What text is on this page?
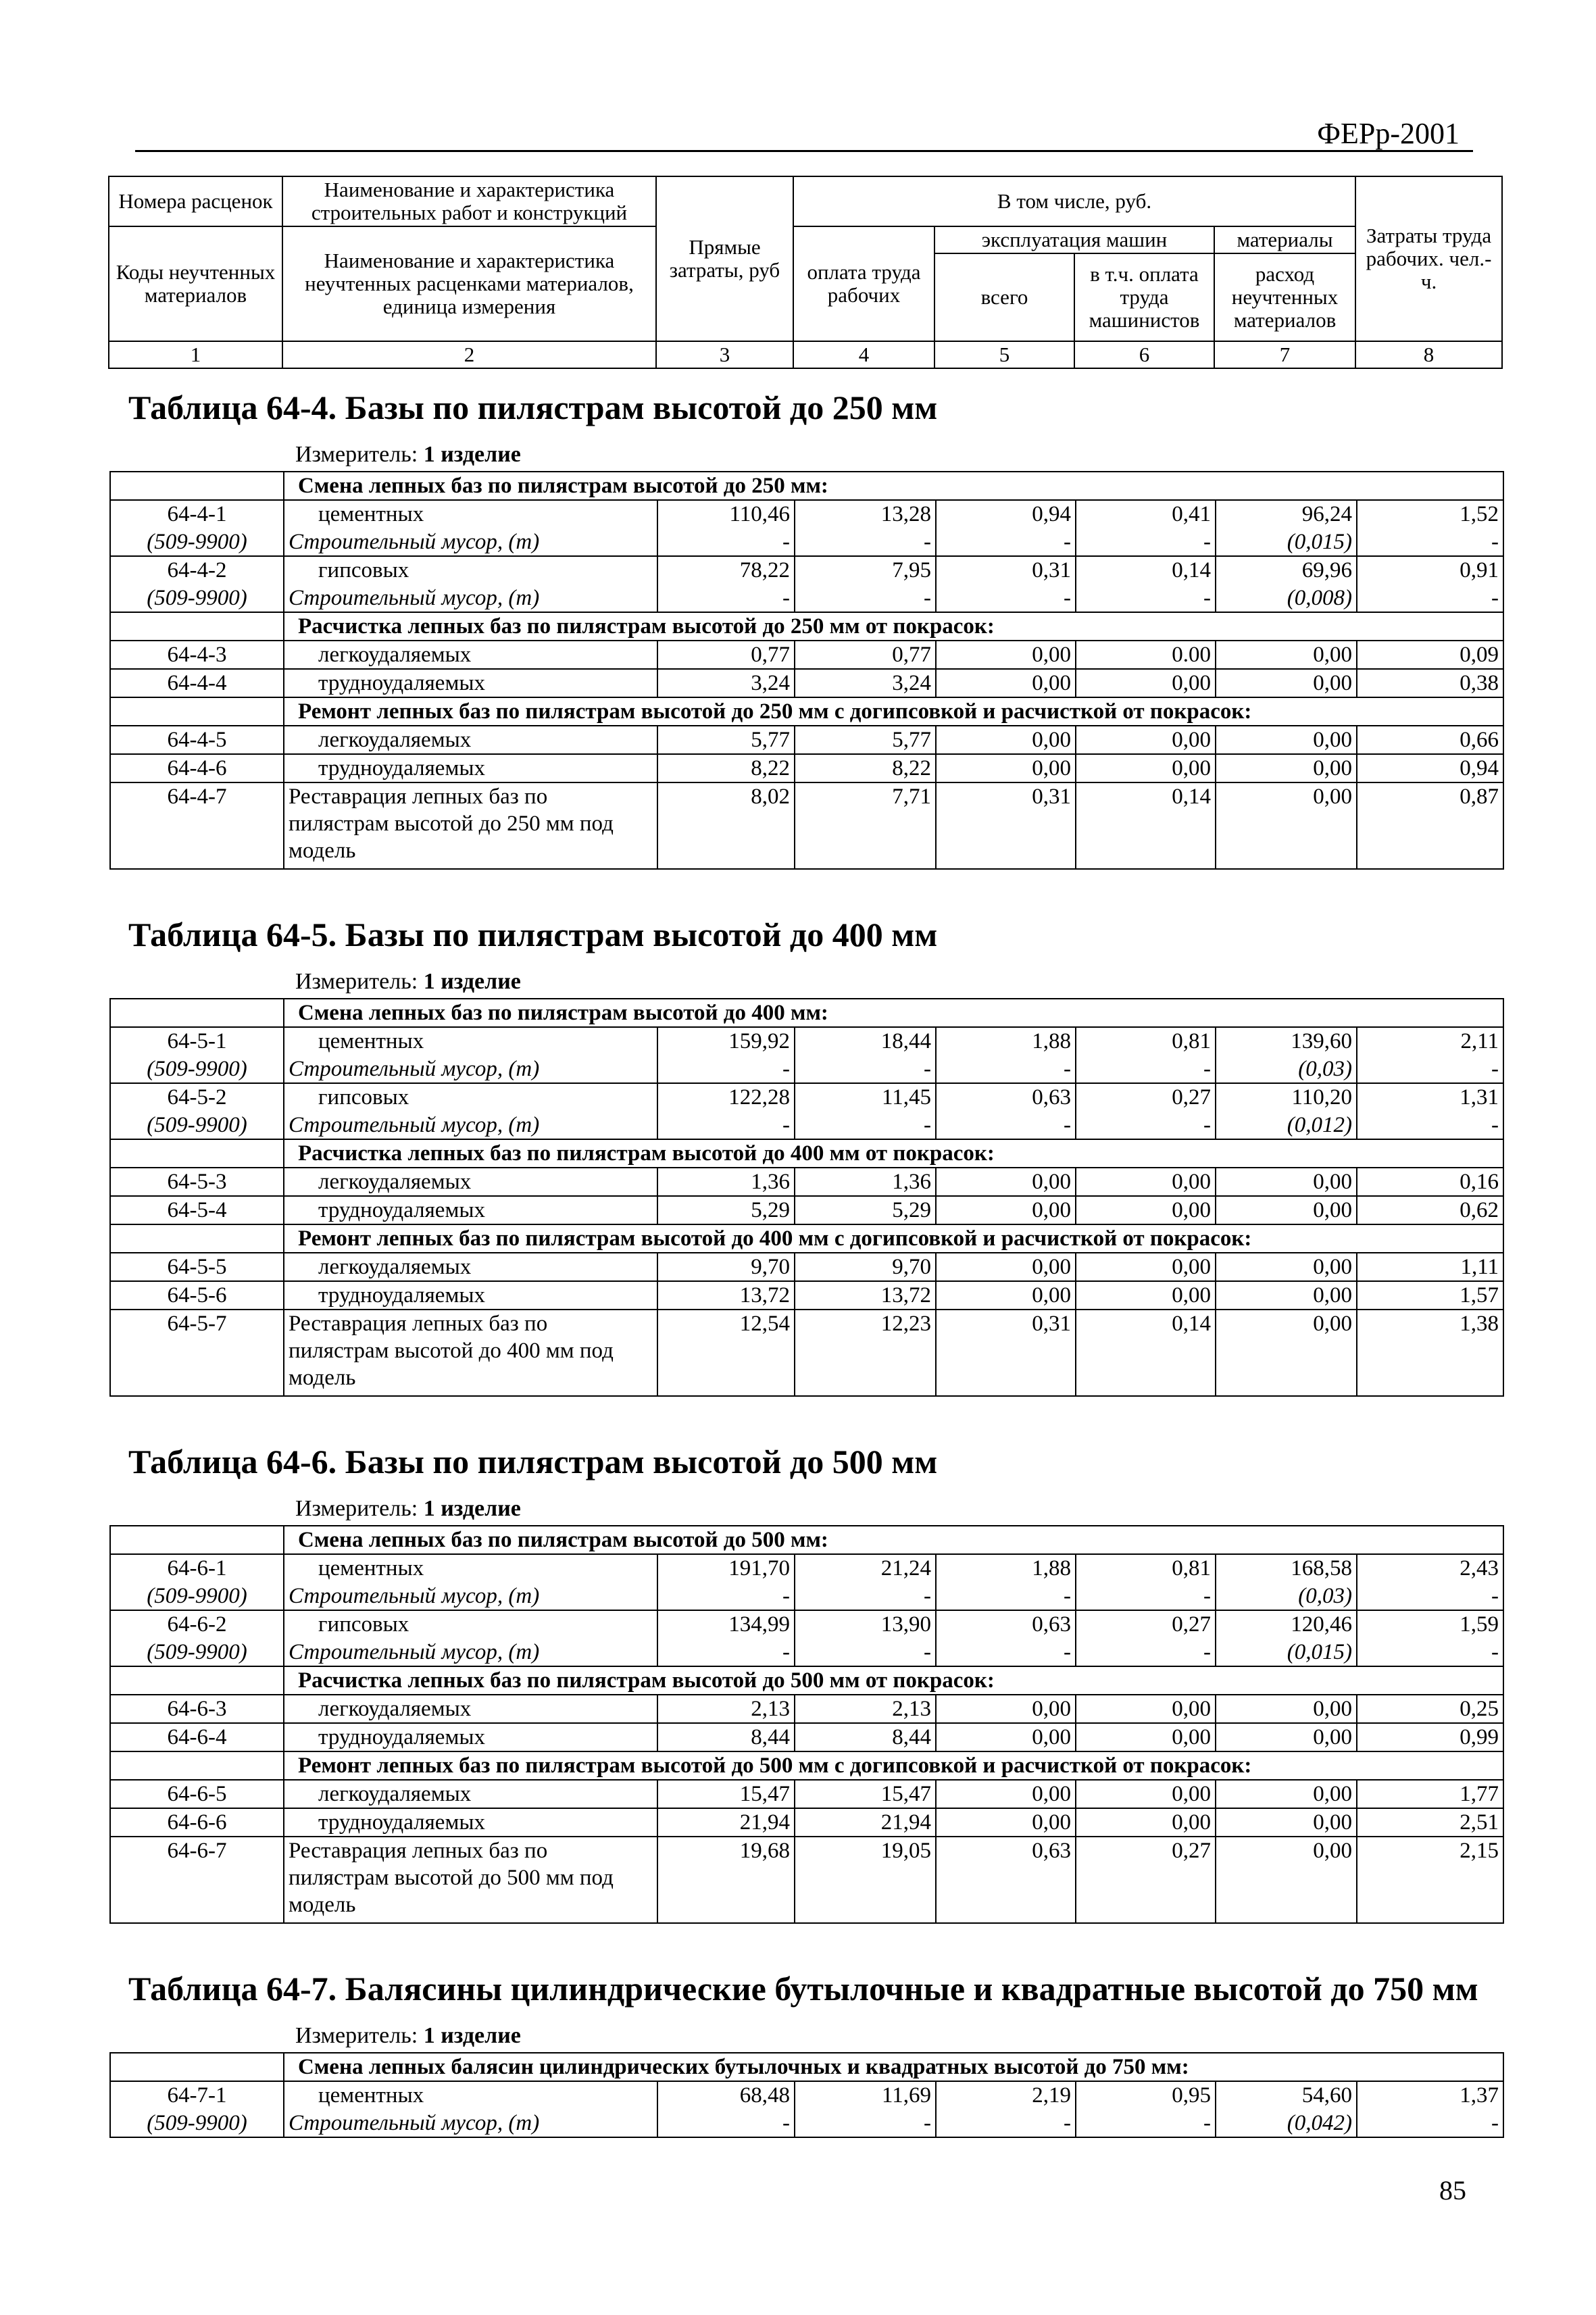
ФЕРр-2001
Номера расценок	Наименование и характеристика строительных работ и конструкций	Прямые затраты, руб	В том числе, руб.				Затраты труда рабочих. чел.-ч.
Коды неучтенных материалов	Наименование и характеристика неучтенных расценками материалов, единица измерения		оплата труда рабочих	эксплуатация машин		материалы	
				всего	в т.ч. оплата труда машинистов	расход неучтенных материалов	
1	2	3	4	5	6	7	8
Таблица 64-4. Базы по пилястрам высотой до 250 мм
Измеритель: 1 изделие
	Смена лепных баз по пилястрам высотой до 250 мм:						
64-4-1	цементных	110,46	13,28	0,94	0,41	96,24	1,52
(509-9900)	Строительный мусор, (т)	-	-	-	-	(0,015)	-
64-4-2	гипсовых	78,22	7,95	0,31	0,14	69,96	0,91
(509-9900)	Строительный мусор, (т)	-	-	-	-	(0,008)	-
	Расчистка лепных баз по пилястрам высотой до 250 мм от покрасок:						
64-4-3	легкоудаляемых	0,77	0,77	0,00	0.00	0,00	0,09
64-4-4	трудноудаляемых	3,24	3,24	0,00	0,00	0,00	0,38
	Ремонт лепных баз по пилястрам высотой до 250 мм с догипсовкой и расчисткой от покрасок:						
64-4-5	легкоудаляемых	5,77	5,77	0,00	0,00	0,00	0,66
64-4-6	трудноудаляемых	8,22	8,22	0,00	0,00	0,00	0,94
64-4-7	Реставрация лепных баз по пилястрам высотой до 250 мм под модель	8,02	7,71	0,31	0,14	0,00	0,87
Таблица 64-5. Базы по пилястрам высотой до 400 мм
Измеритель: 1 изделие
	Смена лепных баз по пилястрам высотой до 400 мм:						
64-5-1	цементных	159,92	18,44	1,88	0,81	139,60	2,11
(509-9900)	Строительный мусор, (т)	-	-	-	-	(0,03)	-
64-5-2	гипсовых	122,28	11,45	0,63	0,27	110,20	1,31
(509-9900)	Строительный мусор, (т)	-	-	-	-	(0,012)	-
	Расчистка лепных баз по пилястрам высотой до 400 мм от покрасок:						
64-5-3	легкоудаляемых	1,36	1,36	0,00	0,00	0,00	0,16
64-5-4	трудноудаляемых	5,29	5,29	0,00	0,00	0,00	0,62
	Ремонт лепных баз по пилястрам высотой до 400 мм с догипсовкой и расчисткой от покрасок:						
64-5-5	легкоудаляемых	9,70	9,70	0,00	0,00	0,00	1,11
64-5-6	трудноудаляемых	13,72	13,72	0,00	0,00	0,00	1,57
64-5-7	Реставрация лепных баз по пилястрам высотой до 400 мм под модель	12,54	12,23	0,31	0,14	0,00	1,38
Таблица 64-6. Базы по пилястрам высотой до 500 мм
Измеритель: 1 изделие
	Смена лепных баз по пилястрам высотой до 500 мм:						
64-6-1	цементных	191,70	21,24	1,88	0,81	168,58	2,43
(509-9900)	Строительный мусор, (т)	-	-	-	-	(0,03)	-
64-6-2	гипсовых	134,99	13,90	0,63	0,27	120,46	1,59
(509-9900)	Строительный мусор, (т)	-	-	-	-	(0,015)	-
	Расчистка лепных баз по пилястрам высотой до 500 мм от покрасок:						
64-6-3	легкоудаляемых	2,13	2,13	0,00	0,00	0,00	0,25
64-6-4	трудноудаляемых	8,44	8,44	0,00	0,00	0,00	0,99
	Ремонт лепных баз по пилястрам высотой до 500 мм с догипсовкой и расчисткой от покрасок:						
64-6-5	легкоудаляемых	15,47	15,47	0,00	0,00	0,00	1,77
64-6-6	трудноудаляемых	21,94	21,94	0,00	0,00	0,00	2,51
64-6-7	Реставрация лепных баз по пилястрам высотой до 500 мм под модель	19,68	19,05	0,63	0,27	0,00	2,15
Таблица 64-7. Балясины цилиндрические бутылочные и квадратные высотой до 750 мм
Измеритель: 1 изделие
	Смена лепных балясин цилиндрических бутылочных и квадратных высотой до 750 мм:						
64-7-1	цементных	68,48	11,69	2,19	0,95	54,60	1,37
(509-9900)	Строительный мусор, (т)	-	-	-	-	(0,042)	-
85
